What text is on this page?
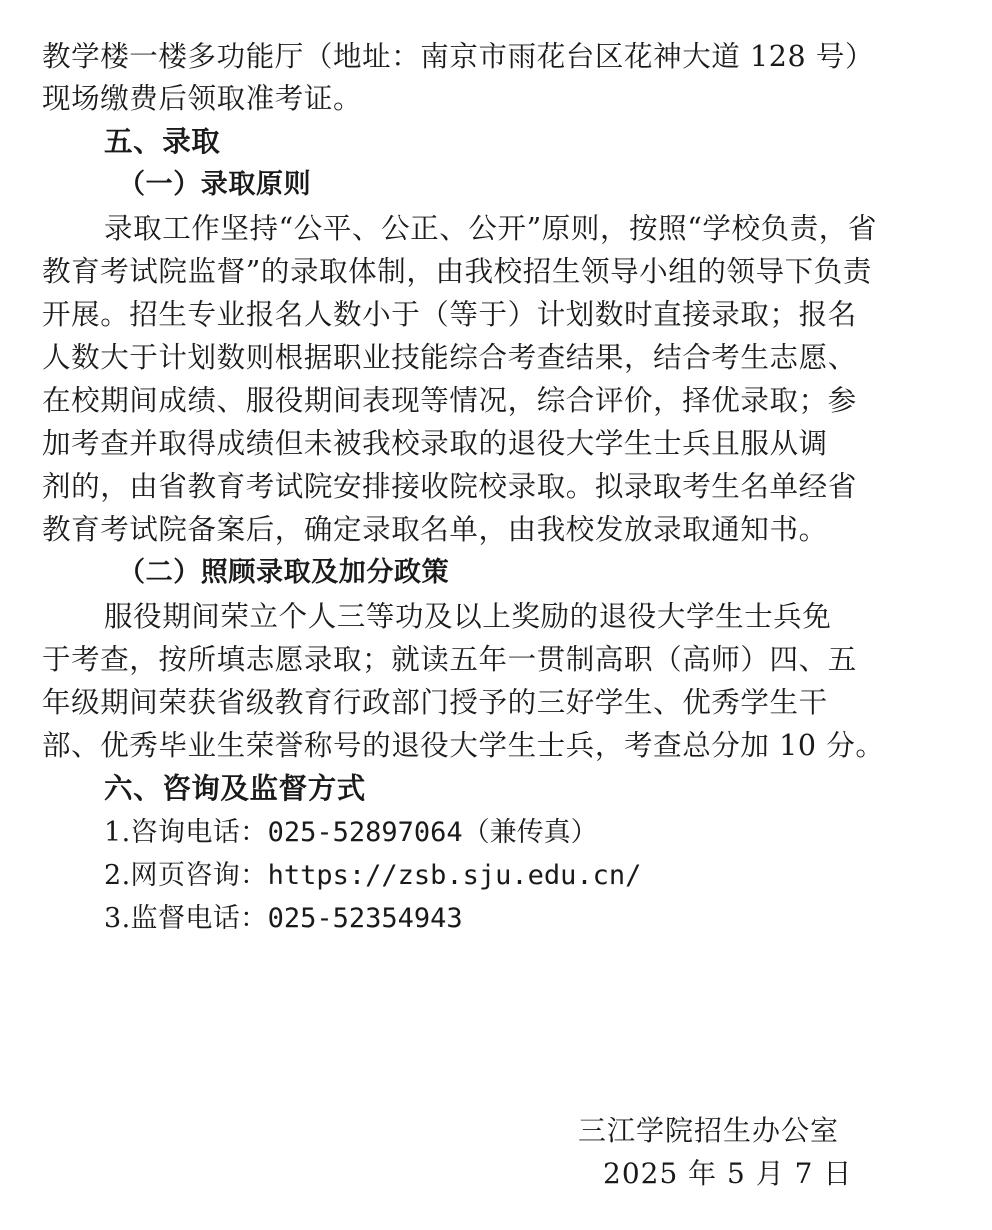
教学楼一楼多功能厅（地址：南京市雨花台区花神大道 128 号）
现场缴费后领取准考证。
五、录取
（一）录取原则
录取工作坚持“公平、公正、公开”原则，按照“学校负责，省
教育考试院监督”的录取体制，由我校招生领导小组的领导下负责
开展。招生专业报名人数小于（等于）计划数时直接录取；报名
人数大于计划数则根据职业技能综合考查结果，结合考生志愿、
在校期间成绩、服役期间表现等情况，综合评价，择优录取；参
加考查并取得成绩但未被我校录取的退役大学生士兵且服从调
剂的，由省教育考试院安排接收院校录取。拟录取考生名单经省
教育考试院备案后，确定录取名单，由我校发放录取通知书。
（二）照顾录取及加分政策
服役期间荣立个人三等功及以上奖励的退役大学生士兵免
于考查，按所填志愿录取；就读五年一贯制高职（高师）四、五
年级期间荣获省级教育行政部门授予的三好学生、优秀学生干
部、优秀毕业生荣誉称号的退役大学生士兵，考查总分加 10 分。
六、咨询及监督方式
1.咨询电话：025-52897064（兼传真）
2.网页咨询：https://zsb.sju.edu.cn/
3.监督电话：025-52354943
三江学院招生办公室
2025 年 5 月 7 日
